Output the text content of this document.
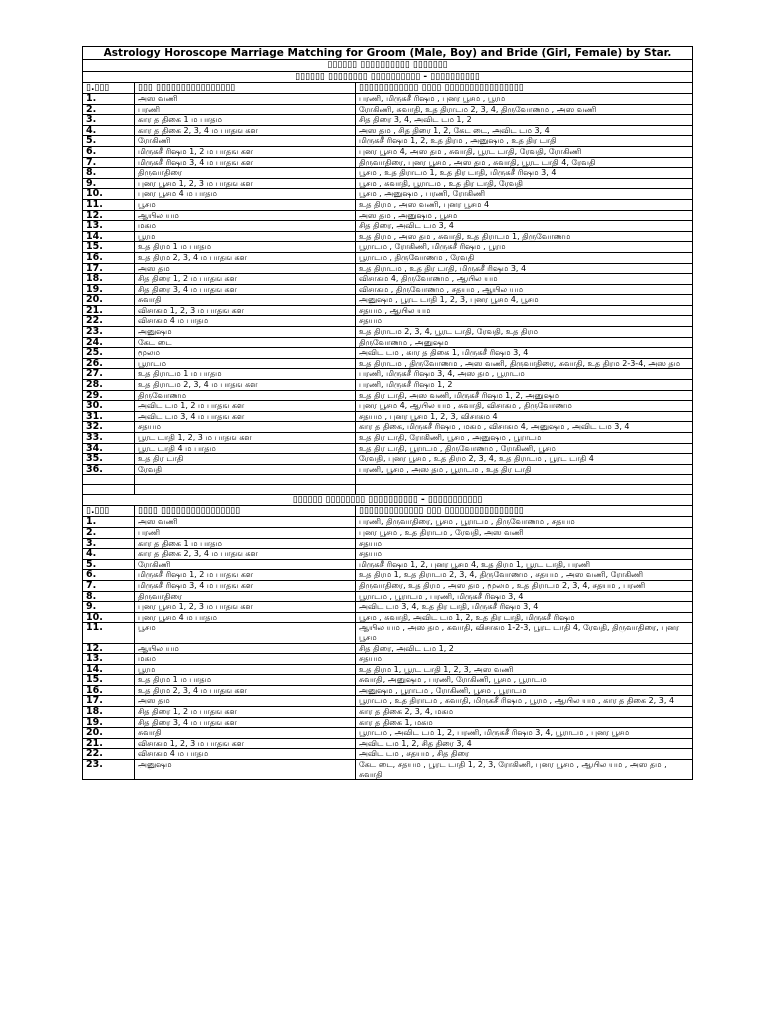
Astrology Horoscope Marriage Matching for Groom (Male, Boy) and Bride (Girl, Female) by Star.		
▯▯▯▯▯▯ ▯▯▯▯▯▯▯▯▯▯ ▯▯▯▯▯▯▯		
▯▯▯▯▯▯ ▯▯▯▯▯▯▯▯ ▯▯▯▯▯▯▯▯▯▯ - ▯▯▯▯▯▯▯▯▯▯		
▯.▯▯▯	▯▯▯ ▯▯▯▯▯▯▯▯▯▯▯▯▯▯▯▯	▯▯▯▯▯▯▯▯▯▯▯▯ ▯▯▯▯ ▯▯▯▯▯▯▯▯▯▯▯▯▯▯▯▯
1.	அஸ வணி	பரணி, மிருகசீ ரிஷம , புனர பூசம , பூரம
2.	பரணி	ரோகிணி, சுவாதி, உத திராடம 2, 3, 4, திருவோணம , அஸ வணி
3.	கார த திகை 1 ம பாதம	சித திரை 3, 4, அவிட டம 1, 2
4.	கார த திகை 2, 3, 4 ம பாதங கள	அஸ தம , சித திரை 1, 2, கேட டை, அவிட டம 3, 4
5.	ரோகிணி	மிருகசீ ரிஷம 1, 2, உத திரம , அனுஷம , உத திர டாதி
6.	மிருகசீ ரிஷம 1, 2 ம பாதங கள	புனர பூசம 4, அஸ தம , சுவாதி, பூரட டாதி, ரேவதி, ரோகிணி
7.	மிருகசீ ரிஷம 3, 4 ம பாதங கள	திருவாதிரை, புனர பூசம , அஸ தம , சுவாதி, பூரட டாதி 4, ரேவதி
8.	திருவாதிரை	பூசம , உத திராடம 1, உத திர டாதி, மிருகசீ ரிஷம 3, 4
9.	புனர பூசம 1, 2, 3 ம பாதங கள	பூசம , சுவாதி, பூராடம , உத திர டாதி, ரேவதி
10.	புனர பூசம 4 ம பாதம	பூசம , அனுஷம , பரணி, ரோகிணி
11.	பூசம	உத திரம , அஸ வணி, புனர பூசம 4
12.	ஆயில யம	அஸ தம , அனுஷம , பூசம
13.	மகம	சித திரை, அவிட டம 3, 4
14.	பூரம	உத திரம , அஸ தம , சுவாதி, உத திராடம 1, திருவோணம
15.	உத திரம 1 ம பாதம	பூராடம , ரோகிணி, மிருகசீ ரிஷம , பூரம
16.	உத திரம 2, 3, 4 ம பாதங கள	பூராடம , திருவோணம , ரேவதி
17.	அஸ தம	உத திராடம , உத திர டாதி, மிருகசீ ரிஷம 3, 4
18.	சித திரை 1, 2 ம பாதங கள	விசாகம 4, திருவோணம , ஆயில யம
19.	சித திரை 3, 4 ம பாதங கள	விசாகம , திருவோணம , சதயம , ஆயில யம
20.	சுவாதி	அனுஷம , பூரட டாதி 1, 2, 3, புனர பூசம 4, பூசம
21.	விசாகம 1, 2, 3 ம பாதங கள	சதயம , ஆயில யம
22.	விசாகம 4 ம பாதம	சதயம
23.	அனுஷம	உத திராடம 2, 3, 4, பூரட டாதி, ரேவதி, உத திரம
24.	கேட டை	திருவோணம , அனுஷம
25.	மூலம	அவிட டம , கார த திகை 1, மிருகசீ ரிஷம 3, 4
26.	பூராடம	உத திராடம , திருவோணம , அஸ வணி, திருவாதிரை, சுவாதி, உத திரம 2-3-4, அஸ தம
27.	உத திராடம 1 ம பாதம	பரணி, மிருகசீ ரிஷம 3, 4, அஸ தம , பூராடம
28.	உத திராடம 2, 3, 4 ம பாதங கள	பரணி, மிருகசீ ரிஷம 1, 2
29.	திருவோணம	உத திர டாதி, அஸ வணி, மிருகசீ ரிஷம 1, 2, அனுஷம
30.	அவிட டம 1, 2 ம பாதங கள	புனர பூசம 4, ஆயில யம , சுவாதி, விசாகம , திருவோணம
31.	அவிட டம 3, 4 ம பாதங கள	சதயம , புனர பூசம 1, 2, 3, விசாகம 4
32.	சதயம	கார த திகை, மிருகசீ ரிஷம , மகம , விசாகம 4, அனுஷம , அவிட டம 3, 4
33.	பூரட டாதி 1, 2, 3 ம பாதங கள	உத திர டாதி, ரோகிணி, பூசம , அனுஷம , பூராடம
34.	பூரட டாதி 4 ம பாதம	உத திர டாதி, பூராடம , திருவோணம , ரோகிணி, பூசம
35.	உத திர டாதி	ரேவதி, புனர பூசம , உத திரம 2, 3, 4, உத திராடம , பூரட டாதி 4
36.	ரேவதி	பரணி, பூசம , அஸ தம , பூராடம , உத திர டாதி

▯▯▯▯▯▯ ▯▯▯▯▯▯▯▯ ▯▯▯▯▯▯▯▯▯▯ - ▯▯▯▯▯▯▯▯▯▯▯		
▯.▯▯▯	▯▯▯▯ ▯▯▯▯▯▯▯▯▯▯▯▯▯▯▯▯	▯▯▯▯▯▯▯▯▯▯▯▯▯ ▯▯▯ ▯▯▯▯▯▯▯▯▯▯▯▯▯▯▯▯
1.	அஸ வணி	பரணி, திருவாதிரை, பூசம , பூராடம , திருவோணம , சதயம
2.	பரணி	புனர பூசம , உத திராடம , ரேவதி, அஸ வணி
3.	கார த திகை 1 ம பாதம	சதயம
4.	கார த திகை 2, 3, 4 ம பாதங கள	சதயம
5.	ரோகிணி	மிருகசீ ரிஷம 1, 2, புனர பூசம 4, உத திரம 1, பூரட டாதி, பரணி
6.	மிருகசீ ரிஷம 1, 2 ம பாதங கள	உத திரம 1, உத திராடம 2, 3, 4, திருவோணம , சதயம , அஸ வணி, ரோகிணி
7.	மிருகசீ ரிஷம 3, 4 ம பாதங கள	திருவாதிரை, உத திரம , அஸ தம , மூலம , உத திராடம 2, 3, 4, சதயம , பரணி
8.	திருவாதிரை	பூராடம , பூராடம , பரணி, மிருகசீ ரிஷம 3, 4
9.	புனர பூசம 1, 2, 3 ம பாதங கள	அவிட டம 3, 4, உத திர டாதி, மிருகசீ ரிஷம 3, 4
10.	புனர பூசம 4 ம பாதம	பூசம , சுவாதி, அவிட டம 1, 2, உத திர டாதி, மிருகசீ ரிஷம
11.	பூசம	ஆயில யம , அஸ தம , சுவாதி, விசாகம 1-2-3, பூரட டாதி 4, ரேவதி, திருவாதிரை, புனர பூசம
12.	ஆயில யம	சித திரை, அவிட டம 1, 2
13.	மகம	சதயம
14.	பூரம	உத திரம 1, பூரட டாதி 1, 2, 3, அஸ வணி
15.	உத திரம 1 ம பாதம	சுவாதி, அனுஷம , பரணி, ரோகிணி, பூசம , பூராடம
16.	உத திரம 2, 3, 4 ம பாதங கள	அனுஷம , பூராடம , ரோகிணி, பூசம , பூராடம
17.	அஸ தம	பூராடம , உத திராடம , சுவாதி, மிருகசீ ரிஷம , பூரம , ஆயில யம , கார த திகை 2, 3, 4
18.	சித திரை 1, 2 ம பாதங கள	கார த திகை 2, 3, 4, மகம
19.	சித திரை 3, 4 ம பாதங கள	கார த திகை 1, மகம
20.	சுவாதி	பூராடம , அவிட டம 1, 2, பரணி, மிருகசீ ரிஷம 3, 4, பூராடம , புனர பூசம
21.	விசாகம 1, 2, 3 ம பாதங கள	அவிட டம 1, 2, சித திரை 3, 4
22.	விசாகம 4 ம பாதம	அவிட டம , சதயம , சித திரை
23.	அனுஷம	கேட டை, சதயம , பூரட டாதி 1, 2, 3, ரோகிணி, புனர பூசம , ஆயில யம , அஸ தம , சுவாதி
